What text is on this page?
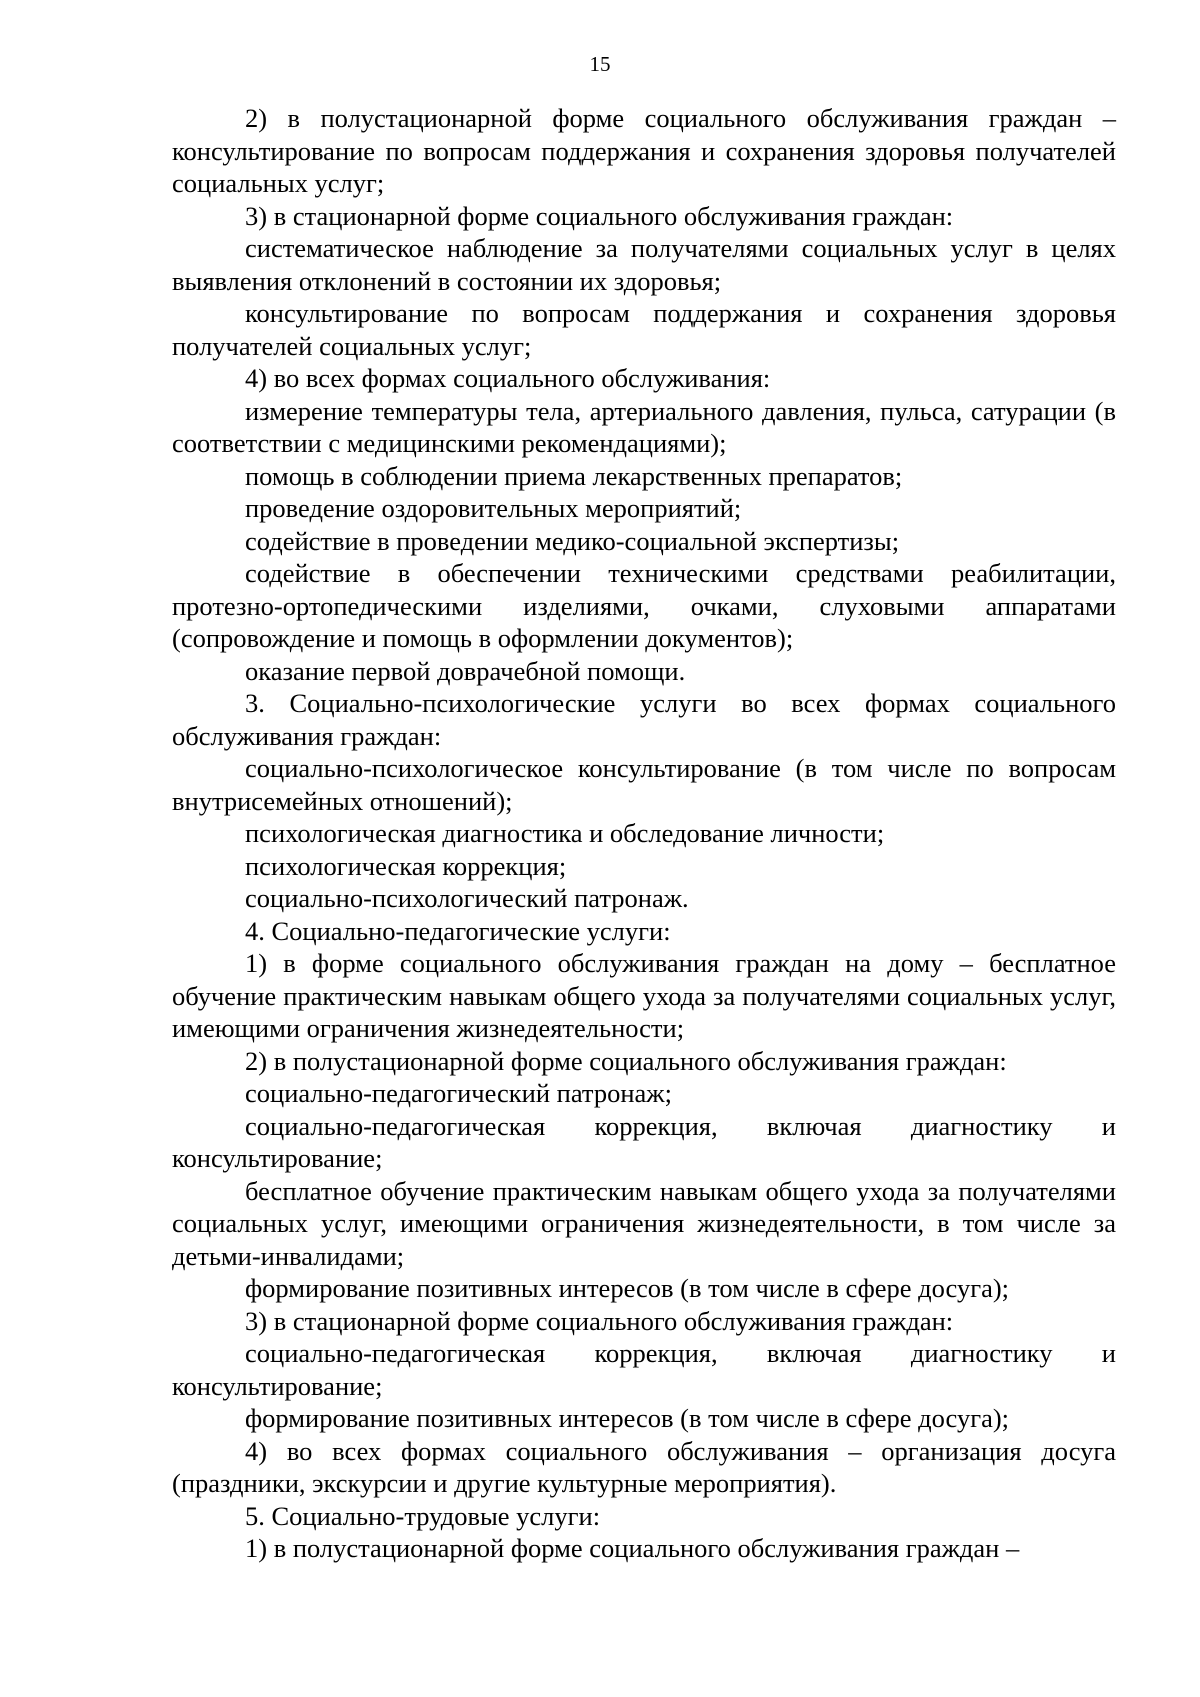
15

2) в полустационарной форме социального обслуживания граждан – консультирование по вопросам поддержания и сохранения здоровья получателей социальных услуг;

3) в стационарной форме социального обслуживания граждан:

систематическое наблюдение за получателями социальных услуг в целях выявления отклонений в состоянии их здоровья;

консультирование по вопросам поддержания и сохранения здоровья получателей социальных услуг;

4) во всех формах социального обслуживания:

измерение температуры тела, артериального давления, пульса, сатурации (в соответствии с медицинскими рекомендациями);

помощь в соблюдении приема лекарственных препаратов;

проведение оздоровительных мероприятий;

содействие в проведении медико-социальной экспертизы;

содействие в обеспечении техническими средствами реабилитации, протезно-ортопедическими изделиями, очками, слуховыми аппаратами (сопровождение и помощь в оформлении документов);

оказание первой доврачебной помощи.

3. Социально-психологические услуги во всех формах социального обслуживания граждан:

социально-психологическое консультирование (в том числе по вопросам внутрисемейных отношений);

психологическая диагностика и обследование личности;

психологическая коррекция;

социально-психологический патронаж.

4. Социально-педагогические услуги:

1) в форме социального обслуживания граждан на дому – бесплатное обучение практическим навыкам общего ухода за получателями социальных услуг, имеющими ограничения жизнедеятельности;

2) в полустационарной форме социального обслуживания граждан:

социально-педагогический патронаж;

социально-педагогическая коррекция, включая диагностику и консультирование;

бесплатное обучение практическим навыкам общего ухода за получателями социальных услуг, имеющими ограничения жизнедеятельности, в том числе за детьми-инвалидами;

формирование позитивных интересов (в том числе в сфере досуга);

3) в стационарной форме социального обслуживания граждан:

социально-педагогическая коррекция, включая диагностику и консультирование;

формирование позитивных интересов (в том числе в сфере досуга);

4) во всех формах социального обслуживания – организация досуга (праздники, экскурсии и другие культурные мероприятия).

5. Социально-трудовые услуги:

1) в полустационарной форме социального обслуживания граждан –
